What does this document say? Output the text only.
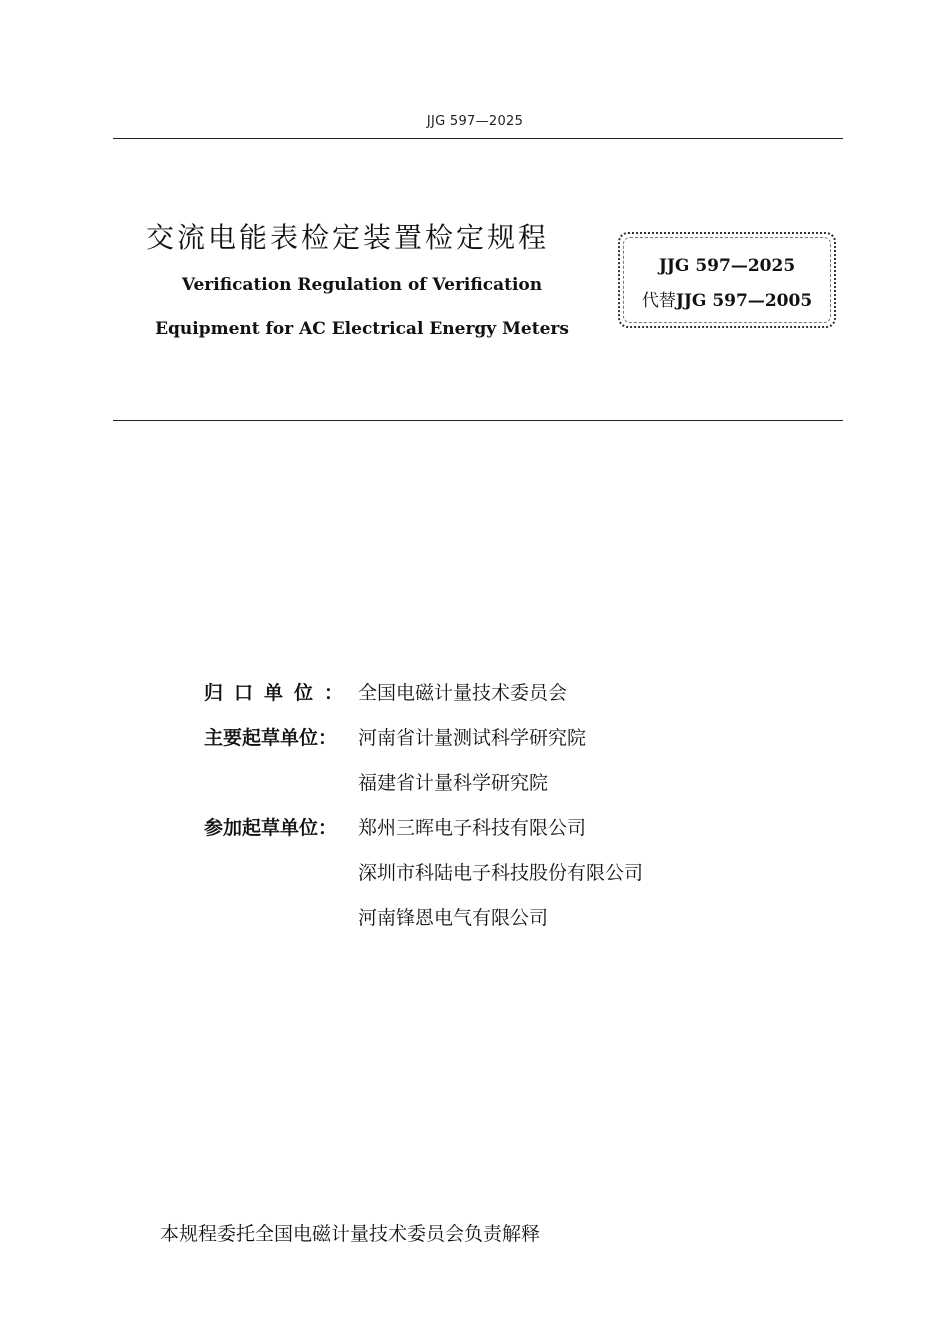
JJG 597—2025
交流电能表检定装置检定规程
Verification Regulation of Verification
Equipment for AC Electrical Energy Meters
JJG 597—2025
代替JJG 597—2005
归口单位： 全国电磁计量技术委员会
主要起草单位： 河南省计量测试科学研究院
福建省计量科学研究院
参加起草单位： 郑州三晖电子科技有限公司
深圳市科陆电子科技股份有限公司
河南锋恩电气有限公司
本规程委托全国电磁计量技术委员会负责解释
